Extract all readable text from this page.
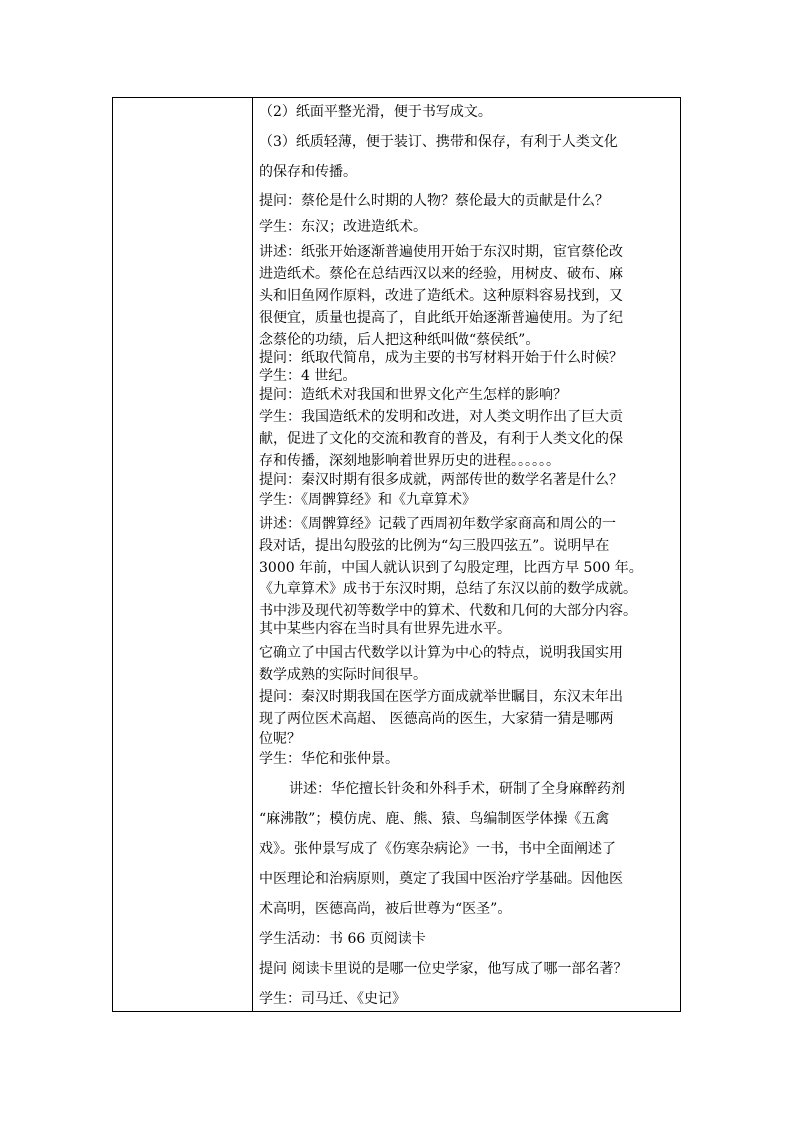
（2）纸面平整光滑，便于书写成文。
（3）纸质轻薄，便于装订、携带和保存，有利于人类文化
的保存和传播。
提问：蔡伦是什么时期的人物？蔡伦最大的贡献是什么？
学生：东汉；改进造纸术。
讲述：纸张开始逐渐普遍使用开始于东汉时期，宦官蔡伦改
进造纸术。蔡伦在总结西汉以来的经验，用树皮、破布、麻
头和旧鱼网作原料，改进了造纸术。这种原料容易找到，又
很便宜，质量也提高了，自此纸开始逐渐普遍使用。为了纪
念蔡伦的功绩，后人把这种纸叫做“蔡侯纸”。
提问：纸取代简帛，成为主要的书写材料开始于什么时候？
学生：4 世纪。
提问：造纸术对我国和世界文化产生怎样的影响？
学生：我国造纸术的发明和改进，对人类文明作出了巨大贡
献，促进了文化的交流和教育的普及，有利于人类文化的保
存和传播，深刻地影响着世界历史的进程。。。。。。
提问：秦汉时期有很多成就，两部传世的数学名著是什么？
学生：《周髀算经》和《九章算术》
讲述：《周髀算经》记载了西周初年数学家商高和周公的一
段对话，提出勾股弦的比例为“勾三股四弦五”。说明早在
3000 年前，中国人就认识到了勾股定理，比西方早 500 年。
《九章算术》成书于东汉时期，总结了东汉以前的数学成就。
书中涉及现代初等数学中的算术、代数和几何的大部分内容。
其中某些内容在当时具有世界先进水平。
它确立了中国古代数学以计算为中心的特点，说明我国实用
数学成熟的实际时间很早。
提问：秦汉时期我国在医学方面成就举世瞩目，东汉末年出
现了两位医术高超、 医德高尚的医生，大家猜一猜是哪两
位呢？
学生：华佗和张仲景。
讲述：华佗擅长针灸和外科手术，研制了全身麻醉药剂
“麻沸散”；模仿虎、鹿、熊、猿、鸟编制医学体操《五禽
戏》。张仲景写成了《伤寒杂病论》一书，书中全面阐述了
中医理论和治病原则，奠定了我国中医治疗学基础。因他医
术高明，医德高尚，被后世尊为“医圣”。
学生活动：书 66 页阅读卡
提问 阅读卡里说的是哪一位史学家，他写成了哪一部名著？
学生：司马迁、《史记》
